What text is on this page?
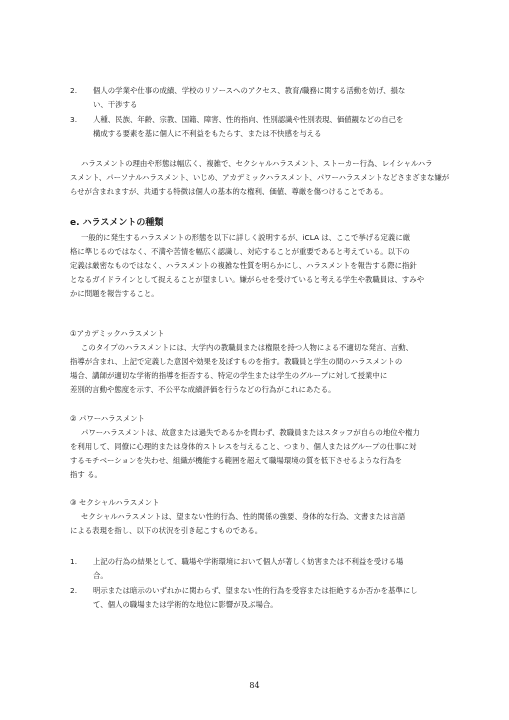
2. 個人の学業や仕事の成績、学校のリソースへのアクセス、教育/職務に関する活動を妨げ、損な
い、干渉する
3. 人種、民族、年齢、宗教、国籍、障害、性的指向、性別認識や性別表現、価値観などの自己を
構成する要素を基に個人に不利益をもたらす、または不快感を与える
ハラスメントの理由や形態は幅広く、複雑で、セクシャルハラスメント、ストーカー行為、レイシャルハラ
スメント、パーソナルハラスメント、いじめ、アカデミックハラスメント、パワーハラスメントなどさまざまな嫌が
らせが含まれますが、共通する特徴は個人の基本的な権利、価値、尊厳を傷つけることである。
e. ハラスメントの種類
一般的に発生するハラスメントの形態を以下に詳しく説明するが、iCLA は、ここで挙げる定義に厳
格に準じるのではなく、不満や苦情を幅広く認識し、対応することが重要であると考えている。以下の
定義は厳密なものではなく、ハラスメントの複雑な性質を明らかにし、ハラスメントを報告する際に指針
となるガイドラインとして捉えることが望ましい。嫌がらせを受けていると考える学生や教職員は、すみや
かに問題を報告すること。
①アカデミックハラスメント
このタイプのハラスメントには、大学内の教職員または権限を持つ人物による不適切な発言、言動、
指導が含まれ、上記で定義した意図や効果を及ぼすものを指す。教職員と学生の間のハラスメントの
場合、講師が適切な学術的指導を拒否する、特定の学生または学生のグループに対して授業中に
差別的言動や態度を示す、不公平な成績評価を行うなどの行為がこれにあたる。
② パワーハラスメント
パワーハラスメントは、故意または過失であるかを問わず、教職員またはスタッフが自らの地位や権力
を利用して、同僚に心理的または身体的ストレスを与えること、つまり、個人またはグループの仕事に対
するモチベーションを失わせ、組織が機能する範囲を超えて職場環境の質を低下させるような行為を
指す る。
③ セクシャルハラスメント
セクシャルハラスメントは、望まない性的行為、性的関係の強要、身体的な行為、文書または言語
による表現を指し、以下の状況を引き起こすものである。
1. 上記の行為の結果として、職場や学術環境において個人が著しく妨害または不利益を受ける場
合。
2. 明示または暗示のいずれかに関わらず、望まない性的行為を受容または拒絶するか否かを基準にし
て、個人の職場または学術的な地位に影響が及ぶ場合。
84
